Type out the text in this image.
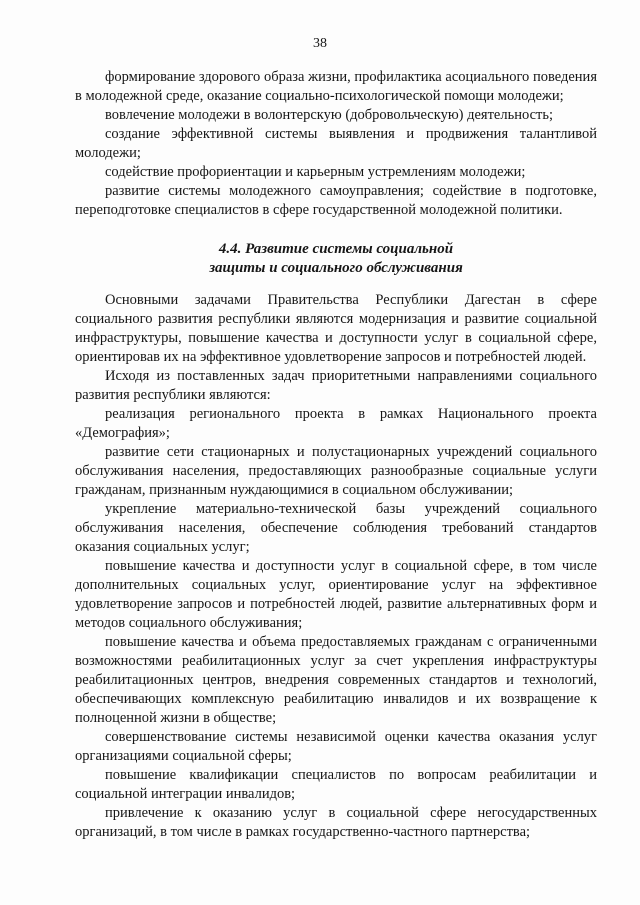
38

формирование здорового образа жизни, профилактика асоциального поведения в молодежной среде, оказание социально-психологической помощи молодежи;

вовлечение молодежи в волонтерскую (добровольческую) деятельность;

создание эффективной системы выявления и продвижения талантливой молодежи;

содействие профориентации и карьерным устремлениям молодежи;

развитие системы молодежного самоуправления; содействие в подготовке, переподготовке специалистов в сфере государственной молодежной политики.

4.4. Развитие системы социальной
защиты и социального обслуживания

Основными задачами Правительства Республики Дагестан в сфере социального развития республики являются модернизация и развитие социальной инфраструктуры, повышение качества и доступности услуг в социальной сфере, ориентировав их на эффективное удовлетворение запросов и потребностей людей.

Исходя из поставленных задач приоритетными направлениями социального развития республики являются:

реализация регионального проекта в рамках Национального проекта «Демография»;

развитие сети стационарных и полустационарных учреждений социального обслуживания населения, предоставляющих разнообразные социальные услуги гражданам, признанным нуждающимися в социальном обслуживании;

укрепление материально-технической базы учреждений социального обслуживания населения, обеспечение соблюдения требований стандартов оказания социальных услуг;

повышение качества и доступности услуг в социальной сфере, в том числе дополнительных социальных услуг, ориентирование услуг на эффективное удовлетворение запросов и потребностей людей, развитие альтернативных форм и методов социального обслуживания;

повышение качества и объема предоставляемых гражданам с ограниченными возможностями реабилитационных услуг за счет укрепления инфраструктуры реабилитационных центров, внедрения современных стандартов и технологий, обеспечивающих комплексную реабилитацию инвалидов и их возвращение к полноценной жизни в обществе;

совершенствование системы независимой оценки качества оказания услуг организациями социальной сферы;

повышение квалификации специалистов по вопросам реабилитации и социальной интеграции инвалидов;

привлечение к оказанию услуг в социальной сфере негосударственных организаций, в том числе в рамках государственно-частного партнерства;
